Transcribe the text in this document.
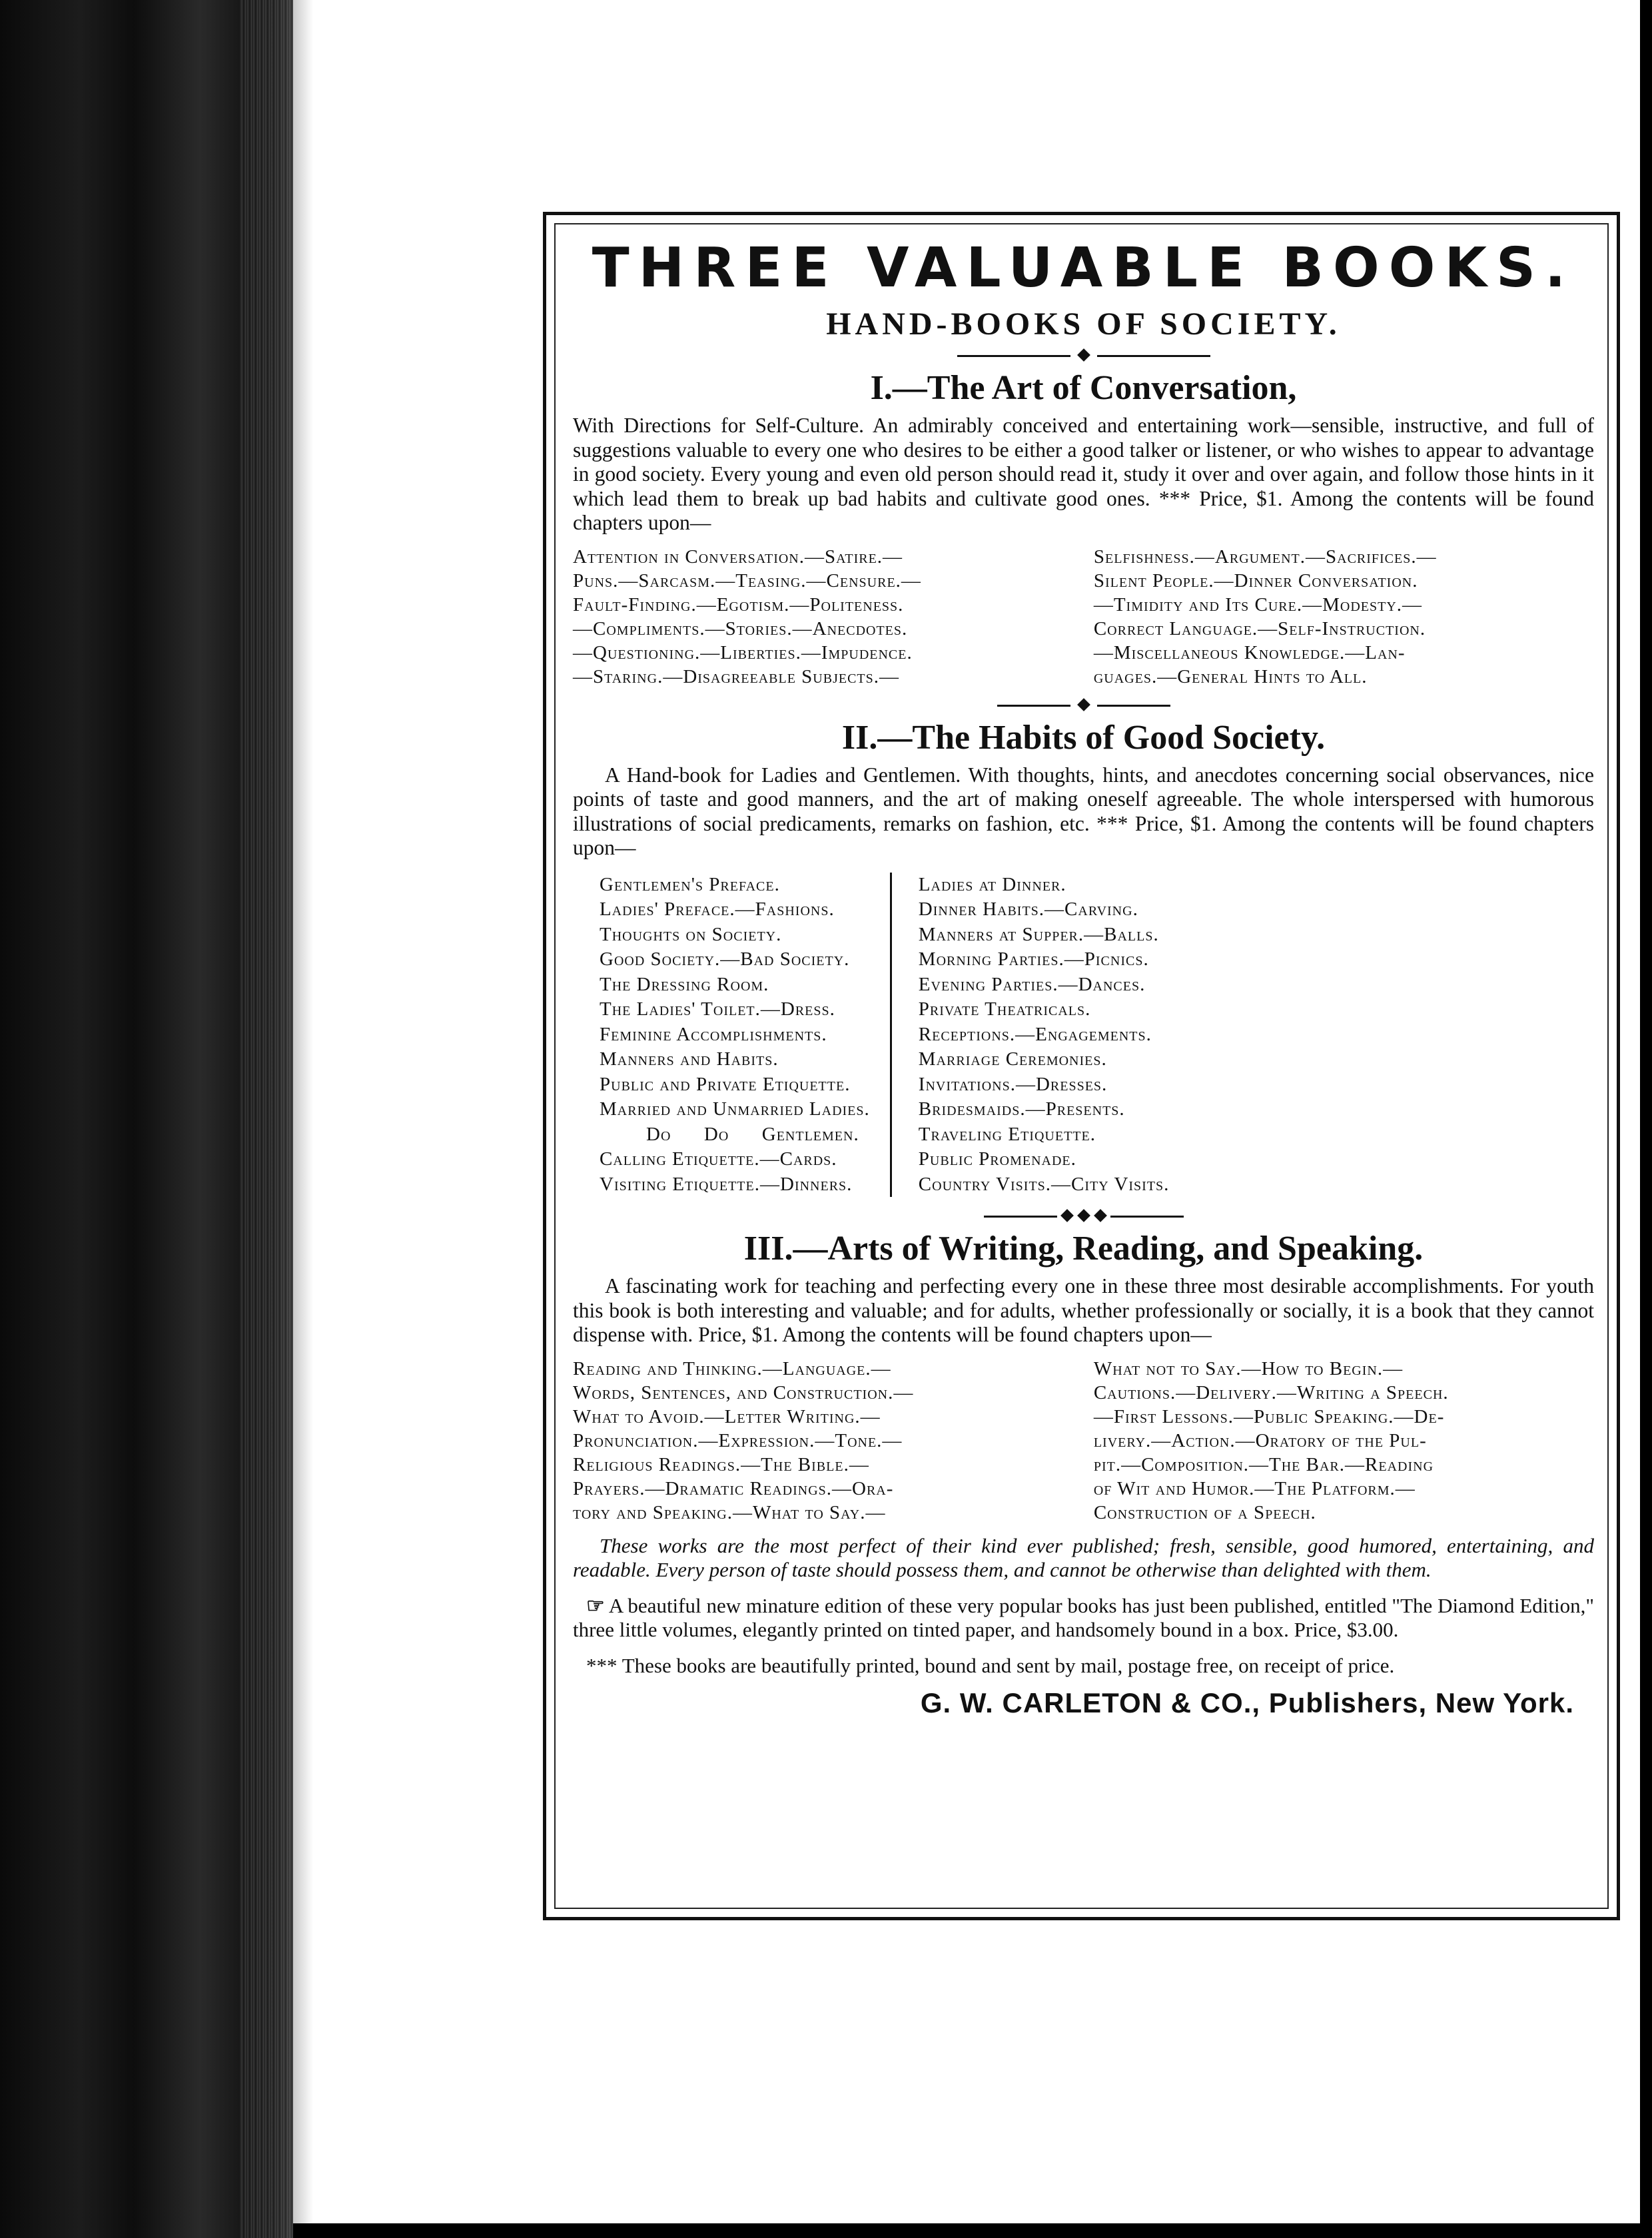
THREE VALUABLE BOOKS.
HAND-BOOKS OF SOCIETY.
I.—The Art of Conversation,

With Directions for Self-Culture. An admirably conceived and entertaining work—sensible, instructive, and full of suggestions valuable to every one who desires to be either a good talker or listener, or who wishes to appear to advantage in good society. Every young and even old person should read it, study it over and over again, and follow those hints in it which lead them to break up bad habits and cultivate good ones. *** Price, $1. Among the contents will be found chapters upon—

Attention in Conversation.—Satire.—
Puns.—Sarcasm.—Teasing.—Censure.—
Fault-Finding.—Egotism.—Politeness.
—Compliments.—Stories.—Anecdotes.
—Questioning.—Liberties.—Impudence.
—Staring.—Disagreeable Subjects.—
Selfishness.—Argument.—Sacrifices.—
Silent People.—Dinner Conversation.
—Timidity and Its Cure.—Modesty.—
Correct Language.—Self-Instruction.
—Miscellaneous Knowledge.—Lan-
guages.—General Hints to All.
II.—The Habits of Good Society.

A Hand-book for Ladies and Gentlemen. With thoughts, hints, and anecdotes concerning social observances, nice points of taste and good manners, and the art of making oneself agreeable. The whole interspersed with humorous illustrations of social predicaments, remarks on fashion, etc. *** Price, $1. Among the contents will be found chapters upon—

Gentlemen's Preface.
Ladies' Preface.—Fashions.
Thoughts on Society.
Good Society.—Bad Society.
The Dressing Room.
The Ladies' Toilet.—Dress.
Feminine Accomplishments.
Manners and Habits.
Public and Private Etiquette.
Married and Unmarried Ladies.
Do      Do      Gentlemen.
Calling Etiquette.—Cards.
Visiting Etiquette.—Dinners.
Ladies at Dinner.
Dinner Habits.—Carving.
Manners at Supper.—Balls.
Morning Parties.—Picnics.
Evening Parties.—Dances.
Private Theatricals.
Receptions.—Engagements.
Marriage Ceremonies.
Invitations.—Dresses.
Bridesmaids.—Presents.
Traveling Etiquette.
Public Promenade.
Country Visits.—City Visits.
III.—Arts of Writing, Reading, and Speaking.

A fascinating work for teaching and perfecting every one in these three most desirable accomplishments. For youth this book is both interesting and valuable; and for adults, whether professionally or socially, it is a book that they cannot dispense with. Price, $1. Among the contents will be found chapters upon—

Reading and Thinking.—Language.—
Words, Sentences, and Construction.—
What to Avoid.—Letter Writing.—
Pronunciation.—Expression.—Tone.—
Religious Readings.—The Bible.—
Prayers.—Dramatic Readings.—Ora-
tory and Speaking.—What to Say.—
What not to Say.—How to Begin.—
Cautions.—Delivery.—Writing a Speech.
—First Lessons.—Public Speaking.—De-
livery.—Action.—Oratory of the Pul-
pit.—Composition.—The Bar.—Reading
of Wit and Humor.—The Platform.—
Construction of a Speech.

These works are the most perfect of their kind ever published; fresh, sensible, good humored, entertaining, and readable. Every person of taste should possess them, and cannot be otherwise than delighted with them.

☞ A beautiful new minature edition of these very popular books has just been published, entitled "The Diamond Edition," three little volumes, elegantly printed on tinted paper, and handsomely bound in a box. Price, $3.00.

*** These books are beautifully printed, bound and sent by mail, postage free, on receipt of price.

G. W. CARLETON & CO., Publishers, New York.
